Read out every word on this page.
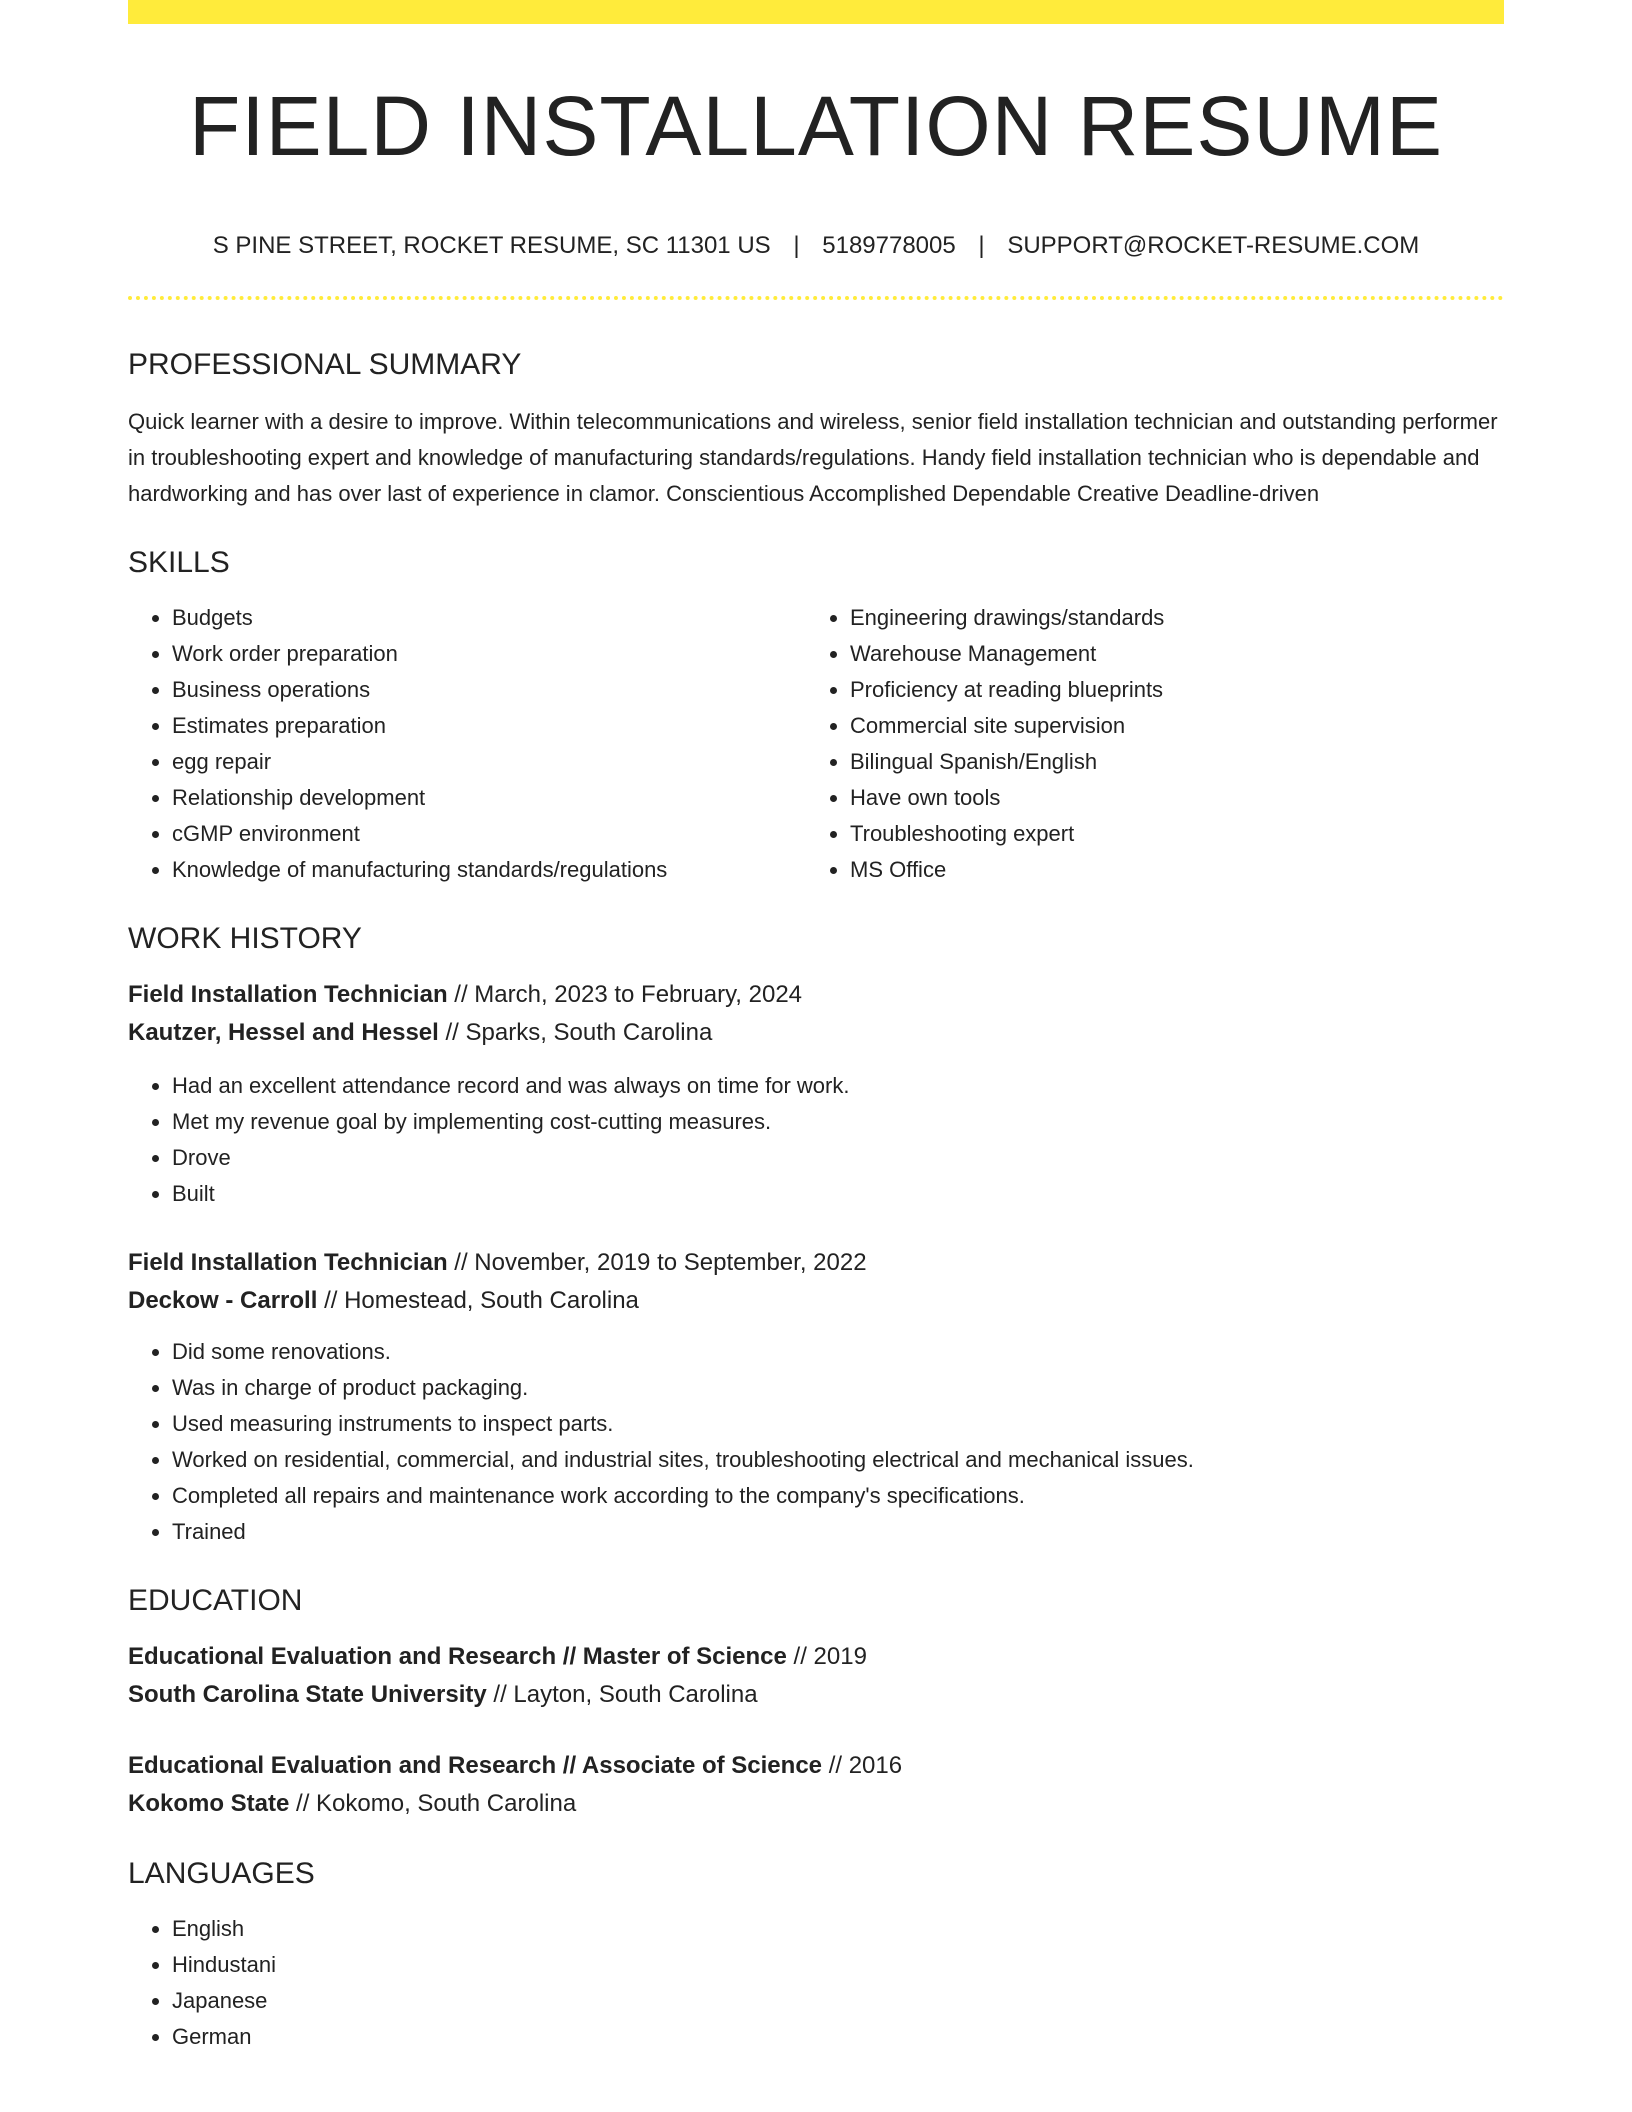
FIELD INSTALLATION RESUME
S PINE STREET, ROCKET RESUME, SC 11301 US | 5189778005 | SUPPORT@ROCKET-RESUME.COM
PROFESSIONAL SUMMARY

Quick learner with a desire to improve. Within telecommunications and wireless, senior field installation technician and outstanding performer in troubleshooting expert and knowledge of manufacturing standards/regulations. Handy field installation technician who is dependable and hardworking and has over last of experience in clamor. Conscientious Accomplished Dependable Creative Deadline-driven

SKILLS
• Budgets
• Work order preparation
• Business operations
• Estimates preparation
• egg repair
• Relationship development
• cGMP environment
• Knowledge of manufacturing standards/regulations
• Engineering drawings/standards
• Warehouse Management
• Proficiency at reading blueprints
• Commercial site supervision
• Bilingual Spanish/English
• Have own tools
• Troubleshooting expert
• MS Office
WORK HISTORY
Field Installation Technician // March, 2023 to February, 2024
Kautzer, Hessel and Hessel // Sparks, South Carolina
• Had an excellent attendance record and was always on time for work.
• Met my revenue goal by implementing cost-cutting measures.
• Drove
• Built
Field Installation Technician // November, 2019 to September, 2022
Deckow - Carroll // Homestead, South Carolina
• Did some renovations.
• Was in charge of product packaging.
• Used measuring instruments to inspect parts.
• Worked on residential, commercial, and industrial sites, troubleshooting electrical and mechanical issues.
• Completed all repairs and maintenance work according to the company's specifications.
• Trained
EDUCATION
Educational Evaluation and Research // Master of Science // 2019
South Carolina State University // Layton, South Carolina
Educational Evaluation and Research // Associate of Science // 2016
Kokomo State // Kokomo, South Carolina
LANGUAGES
• English
• Hindustani
• Japanese
• German
